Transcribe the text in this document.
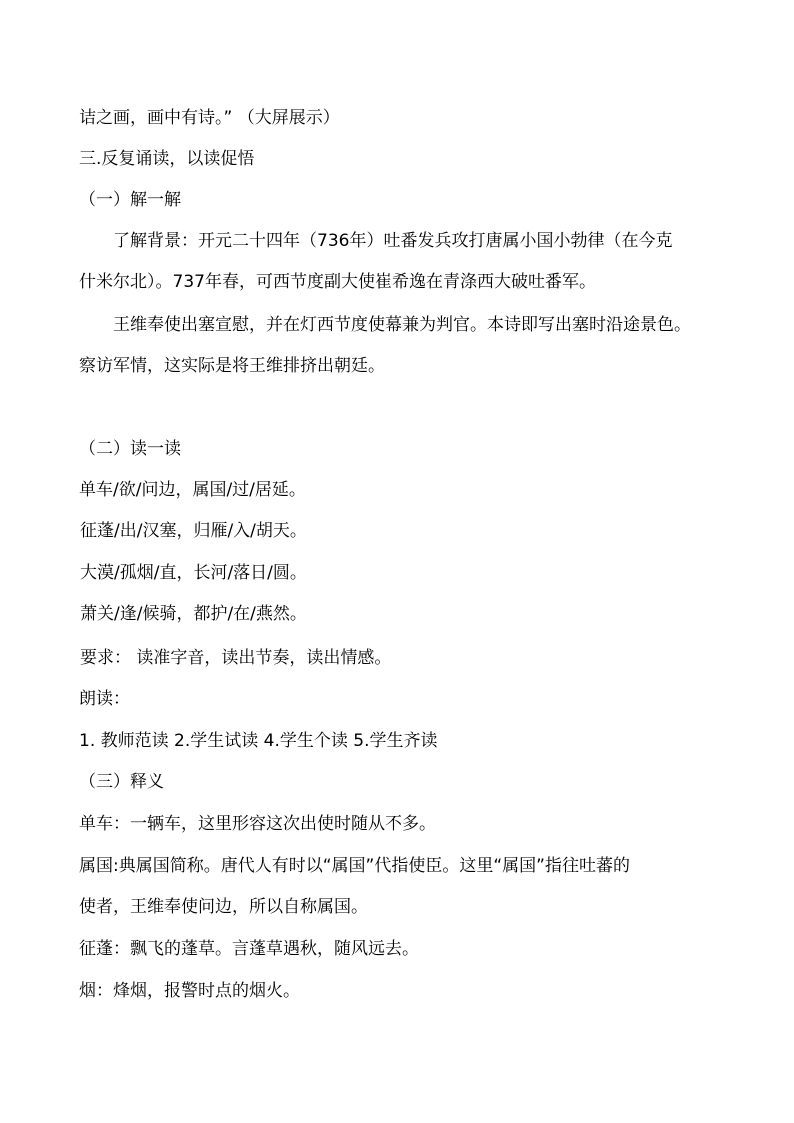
诘之画，画中有诗。” （大屏展示）
三.反复诵读，以读促悟
（一）解一解
了解背景：开元二十四年（736年）吐番发兵攻打唐属小国小勃律（在今克
什米尔北）。737年春，可西节度副大使崔希逸在青涤西大破吐番军。
王维奉使出塞宣慰，并在灯西节度使幕兼为判官。本诗即写出塞时沿途景色。
察访军情，这实际是将王维排挤出朝廷。
（二）读一读
单车/欲/问边，属国/过/居延。
征蓬/出/汉塞，归雁/入/胡天。
大漠/孤烟/直，长河/落日/圆。
萧关/逢/候骑，都护/在/燕然。
要求： 读准字音，读出节奏，读出情感。
朗读：
1. 教师范读 2.学生试读 4.学生个读 5.学生齐读
（三）释义
单车：一辆车，这里形容这次出使时随从不多。
属国:典属国简称。唐代人有时以“属国”代指使臣。这里“属国”指往吐蕃的
使者，王维奉使问边，所以自称属国。
征蓬：飘飞的蓬草。言蓬草遇秋，随风远去。
烟：烽烟，报警时点的烟火。
